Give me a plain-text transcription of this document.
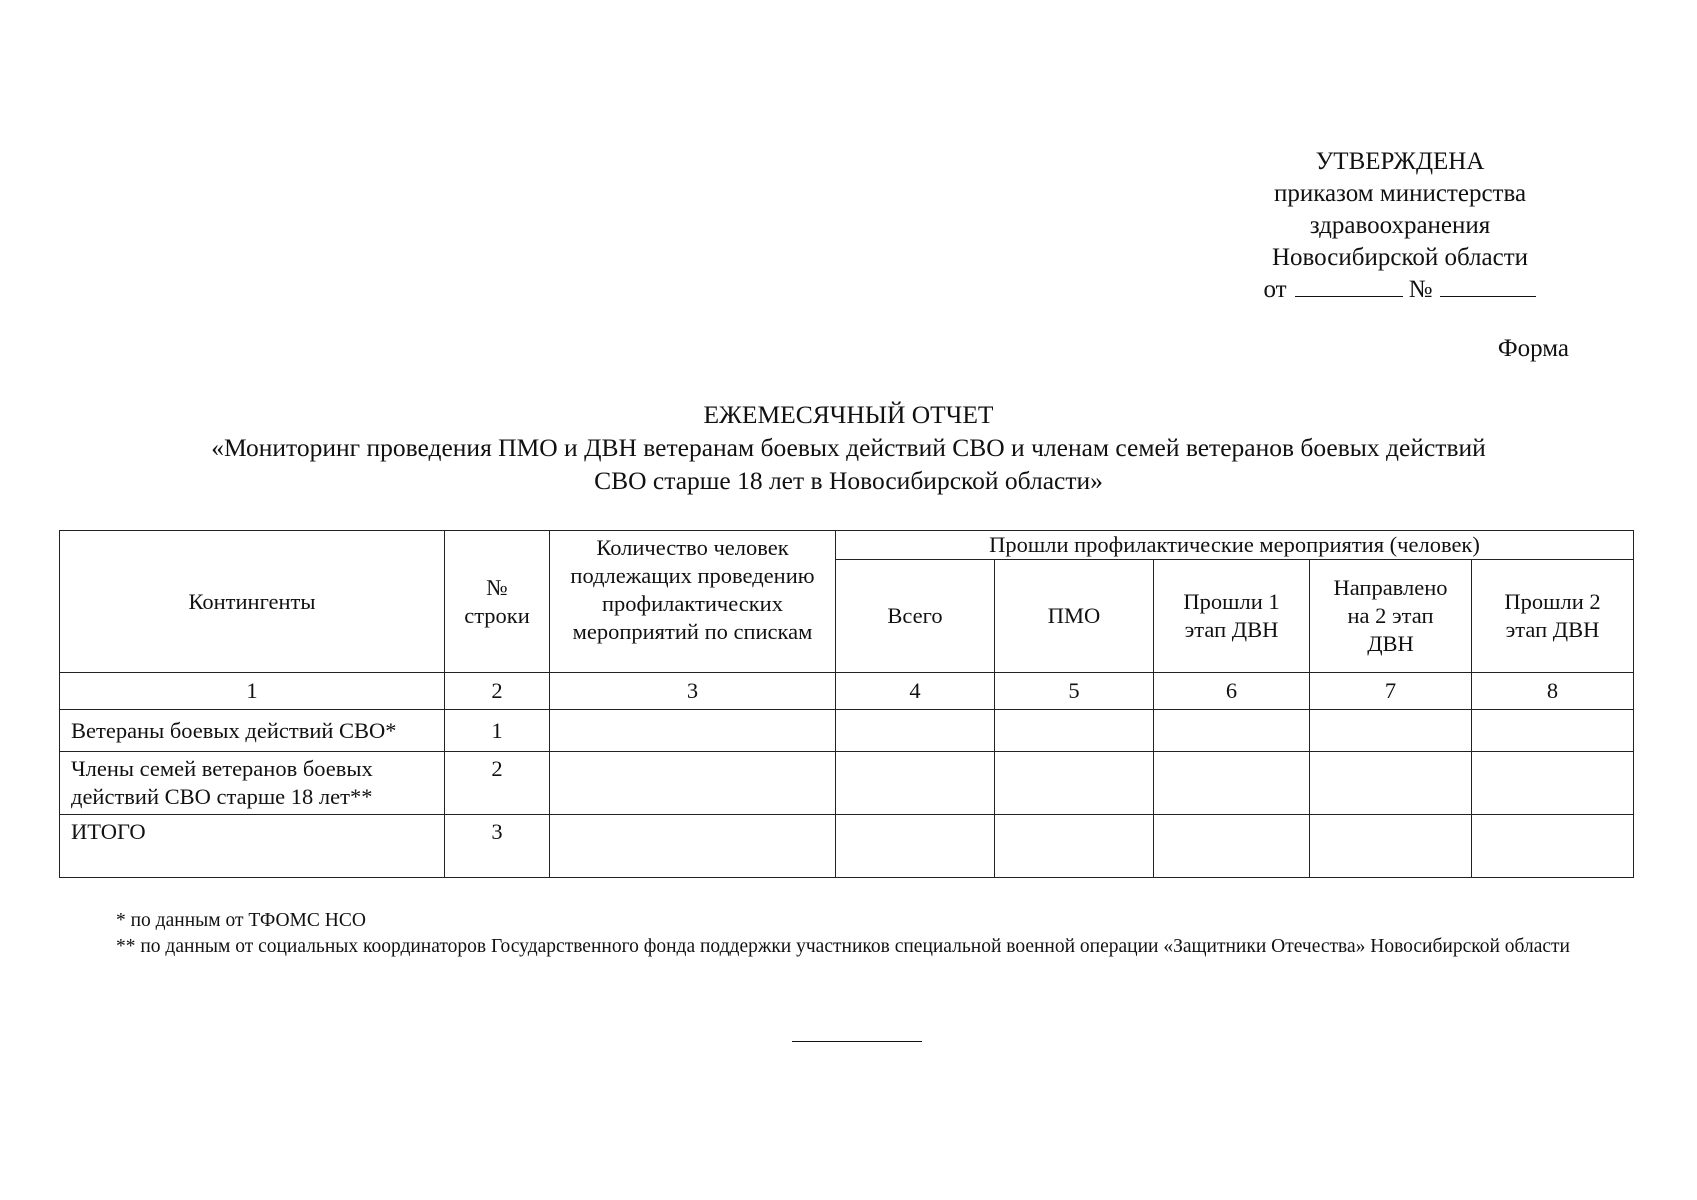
УТВЕРЖДЕНА
приказом министерства
здравоохранения
Новосибирской области
от	№
Форма
ЕЖЕМЕСЯЧНЫЙ ОТЧЕТ
«Мониторинг проведения ПМО и ДВН ветеранам боевых действий СВО и членам семей ветеранов боевых действий
СВО старше 18 лет в Новосибирской области»
Контингенты	№ строки	Количество человек подлежащих проведению профилактических мероприятий по спискам	Прошли профилактические мероприятия (человек)				
			Всего	ПМО	Прошли 1 этап ДВН	Направлено на 2 этап ДВН	Прошли 2 этап ДВН
1	2	3	4	5	6	7	8
Ветераны боевых действий СВО*	1						
Члены семей ветеранов боевых действий СВО старше 18 лет**	2						
ИТОГО	3						
* по данным от ТФОМС НСО
** по данным от социальных координаторов Государственного фонда поддержки участников специальной военной операции «Защитники Отечества» Новосибирской области
